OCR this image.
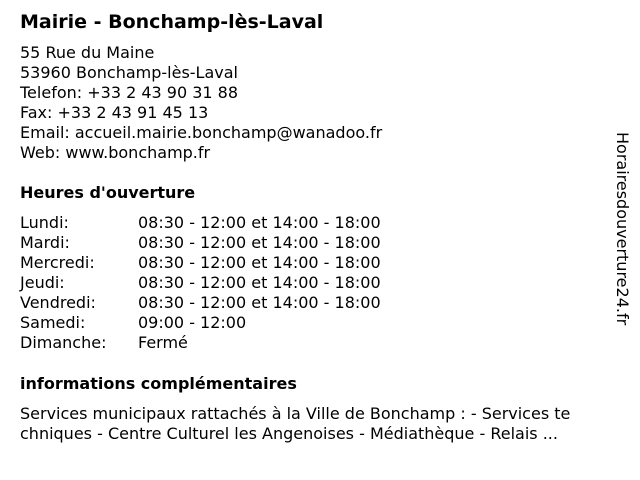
Mairie - Bonchamp-lès-Laval
55 Rue du Maine
53960 Bonchamp-lès-Laval
Telefon: +33 2 43 90 31 88
Fax: +33 2 43 91 45 13
Email: accueil.mairie.bonchamp@wanadoo.fr
Web: www.bonchamp.fr
Heures d'ouverture
Lundi:	08:30 - 12:00 et 14:00 - 18:00
Mardi:	08:30 - 12:00 et 14:00 - 18:00
Mercredi:	08:30 - 12:00 et 14:00 - 18:00
Jeudi:	08:30 - 12:00 et 14:00 - 18:00
Vendredi:	08:30 - 12:00 et 14:00 - 18:00
Samedi:	09:00 - 12:00
Dimanche:	Fermé
informations complémentaires
Services municipaux rattachés à la Ville de Bonchamp : - Services te
chniques - Centre Culturel les Angenoises - Médiathèque - Relais ...
Horairesdouverture24.fr
